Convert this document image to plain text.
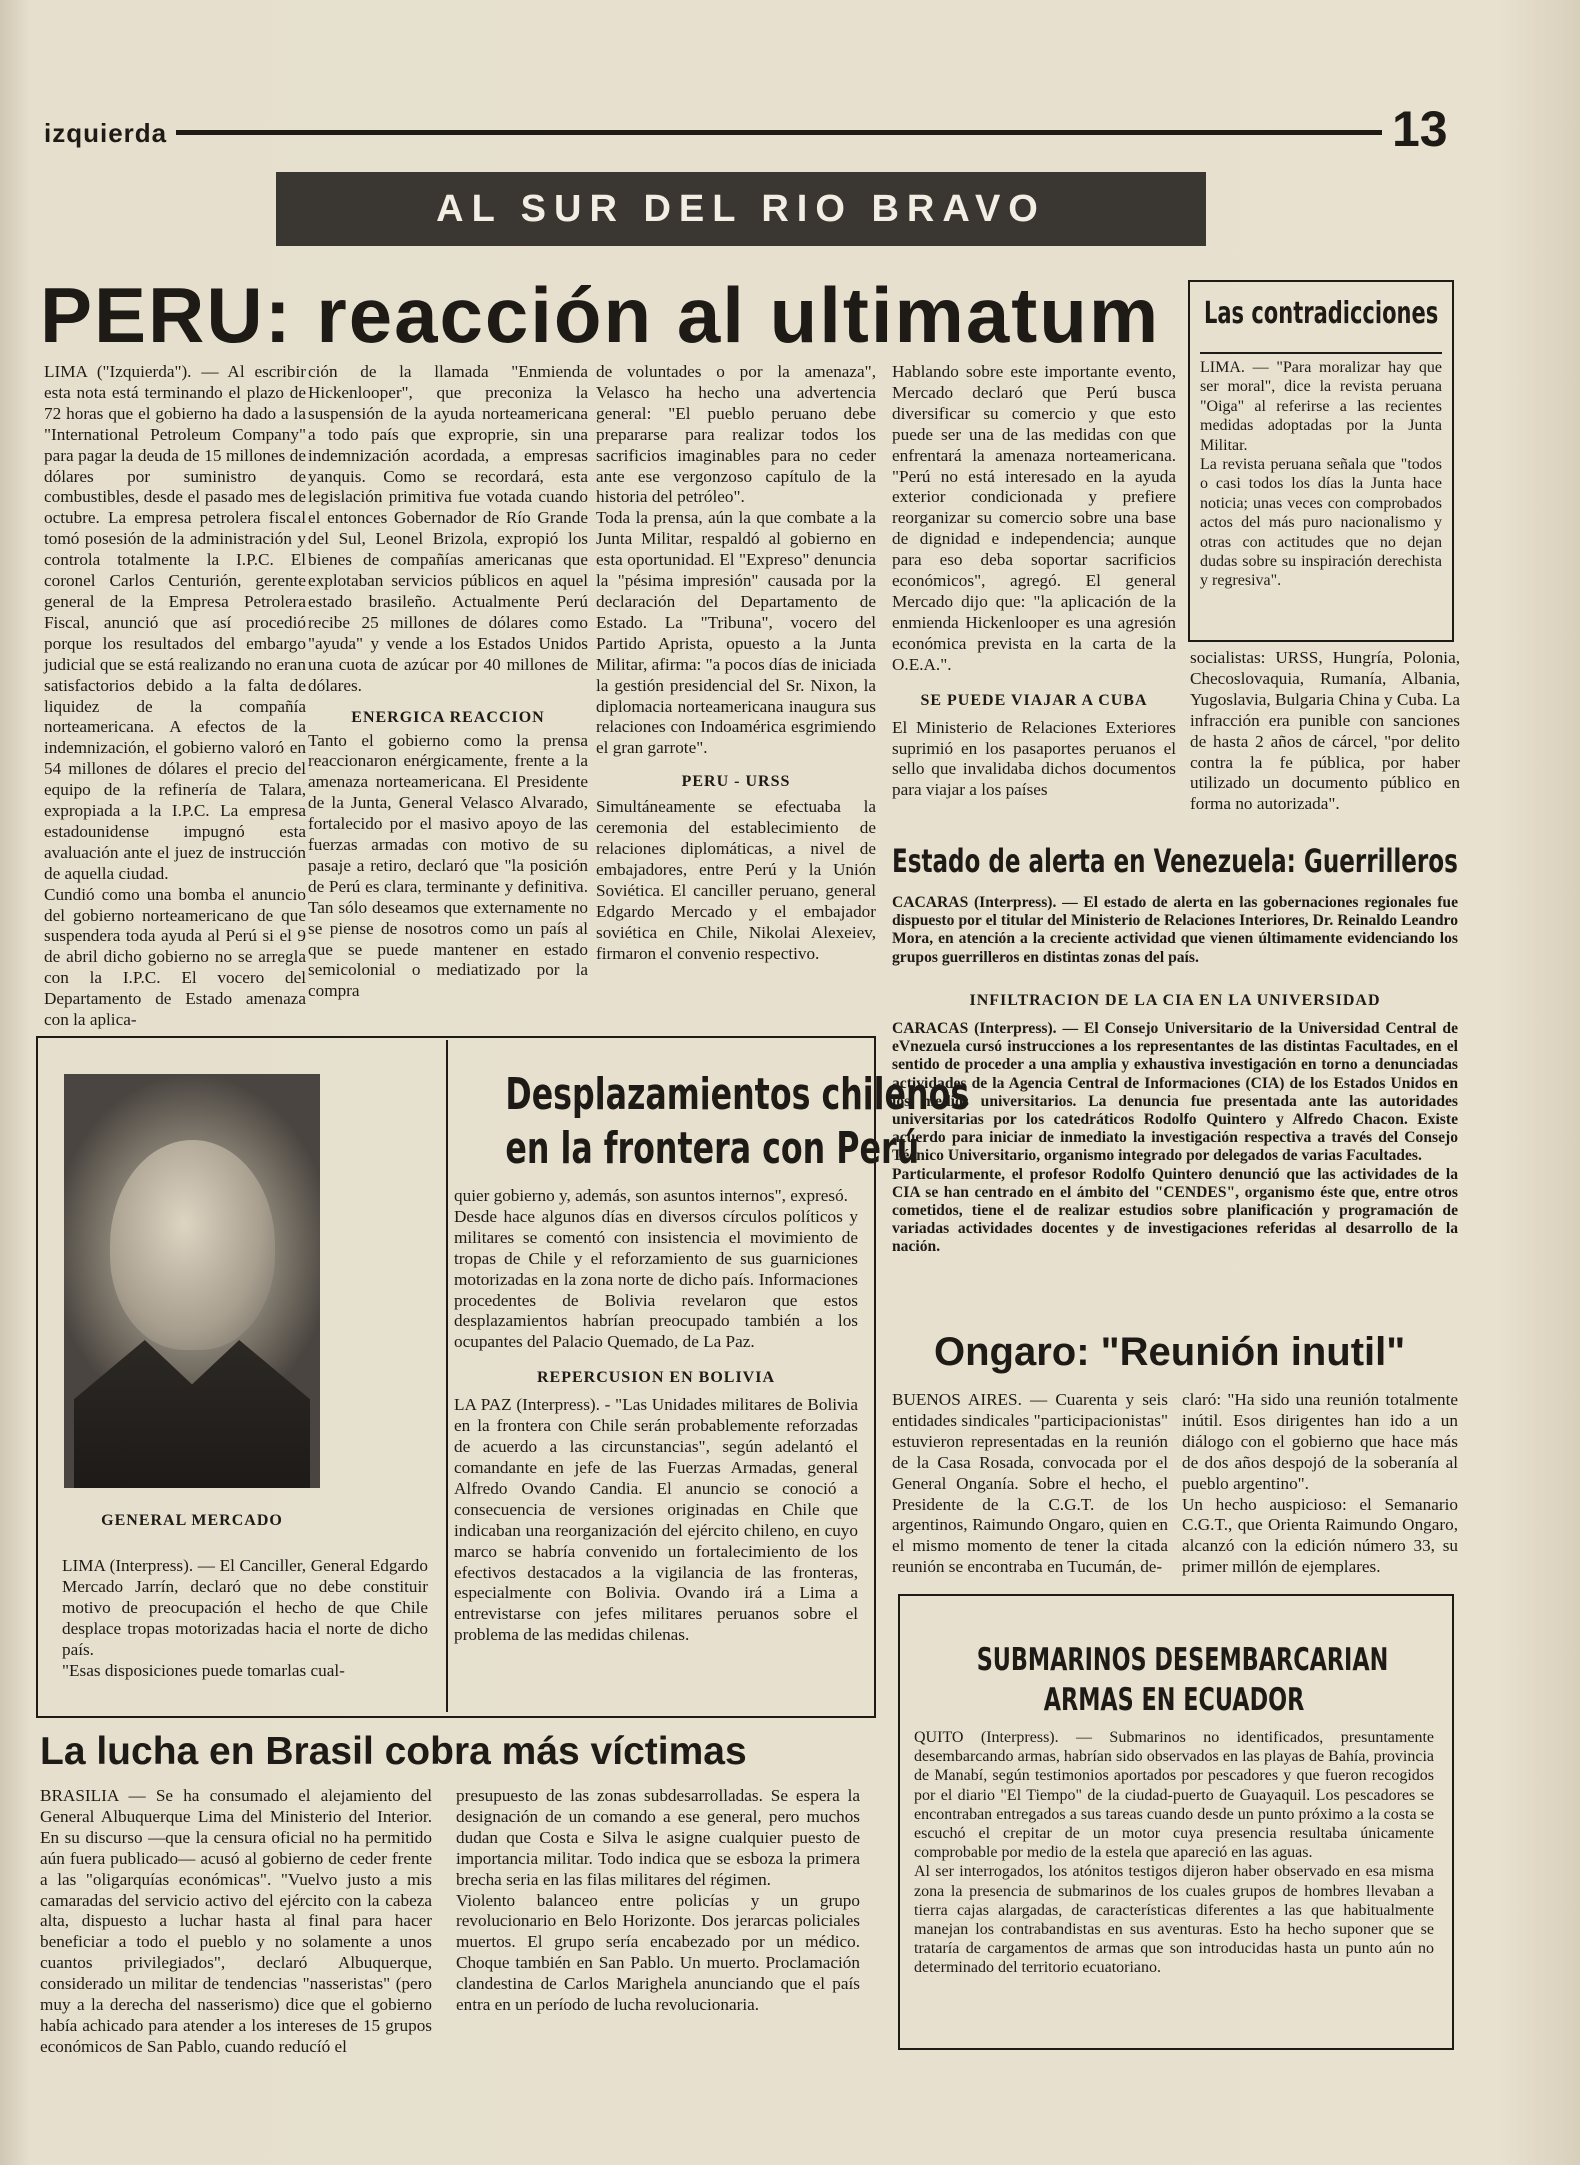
izquierda	13
AL SUR DEL RIO BRAVO
PERU: reacción al ultimatum

LIMA ("Izquierda"). — Al escribir esta nota está terminando el plazo de 72 horas que el gobierno ha dado a la "International Petroleum Company" para pagar la deuda de 15 millones de dólares por suministro de combustibles, desde el pasado mes de octubre. La empresa petrolera fiscal tomó posesión de la administración y controla totalmente la I.P.C. El coronel Carlos Centurión, gerente general de la Empresa Petrolera Fiscal, anunció que así procedió porque los resultados del embargo judicial que se está realizando no eran satisfactorios debido a la falta de liquidez de la compañía norteamericana. A efectos de la indemnización, el gobierno valoró en 54 millones de dólares el precio del equipo de la refinería de Talara, expropiada a la I.P.C. La empresa estadounidense impugnó esta avaluación ante el juez de instrucción de aquella ciudad.
Cundió como una bomba el anuncio del gobierno norteamericano de que suspendera toda ayuda al Perú si el 9 de abril dicho gobierno no se arregla con la I.P.C. El vocero del Departamento de Estado amenaza con la aplica-

ción de la llamada "Enmienda Hickenlooper", que preconiza la suspensión de la ayuda norteamericana a todo país que exproprie, sin una indemnización acordada, a empresas yanquis. Como se recordará, esta legislación primitiva fue votada cuando el entonces Gobernador de Río Grande del Sul, Leonel Brizola, expropió los bienes de compañías americanas que explotaban servicios públicos en aquel estado brasileño. Actualmente Perú recibe 25 millones de dólares como "ayuda" y vende a los Estados Unidos una cuota de azúcar por 40 millones de dólares.

ENERGICA REACCION

Tanto el gobierno como la prensa reaccionaron enérgicamente, frente a la amenaza norteamericana. El Presidente de la Junta, General Velasco Alvarado, fortalecido por el masivo apoyo de las fuerzas armadas con motivo de su pasaje a retiro, declaró que "la posición de Perú es clara, terminante y definitiva. Tan sólo deseamos que externamente no se piense de nosotros como un país al que se puede mantener en estado semicolonial o mediatizado por la compra

de voluntades o por la amenaza", Velasco ha hecho una advertencia general: "El pueblo peruano debe prepararse para realizar todos los sacrificios imaginables para no ceder ante ese vergonzoso capítulo de la historia del petróleo".
Toda la prensa, aún la que combate a la Junta Militar, respaldó al gobierno en esta oportunidad. El "Expreso" denuncia la "pésima impresión" causada por la declaración del Departamento de Estado. La "Tribuna", vocero del Partido Aprista, opuesto a la Junta Militar, afirma: "a pocos días de iniciada la gestión presidencial del Sr. Nixon, la diplomacia norteamericana inaugura sus relaciones con Indoamérica esgrimiendo el gran garrote".

PERU - URSS

Simultáneamente se efectuaba la ceremonia del establecimiento de relaciones diplomáticas, a nivel de embajadores, entre Perú y la Unión Soviética. El canciller peruano, general Edgardo Mercado y el embajador soviética en Chile, Nikolai Alexeiev, firmaron el convenio respectivo.

Hablando sobre este importante evento, Mercado declaró que Perú busca diversificar su comercio y que esto puede ser una de las medidas con que enfrentará la amenaza norteamericana. "Perú no está interesado en la ayuda exterior condicionada y prefiere reorganizar su comercio sobre una base de dignidad e independencia; aunque para eso deba soportar sacrificios económicos", agregó. El general Mercado dijo que: "la aplicación de la enmienda Hickenlooper es una agresión económica prevista en la carta de la O.E.A.".

SE PUEDE VIAJAR A CUBA

El Ministerio de Relaciones Exteriores suprimió en los pasaportes peruanos el sello que invalidaba dichos documentos para viajar a los países

Las contradicciones

LIMA. — "Para moralizar hay que ser moral", dice la revista peruana "Oiga" al referirse a las recientes medidas adoptadas por la Junta Militar.
La revista peruana señala que "todos o casi todos los días la Junta hace noticia; unas veces con comprobados actos del más puro nacionalismo y otras con actitudes que no dejan dudas sobre su inspiración derechista y regresiva".

socialistas: URSS, Hungría, Polonia, Checoslovaquia, Rumanía, Albania, Yugoslavia, Bulgaria China y Cuba. La infracción era punible con sanciones de hasta 2 años de cárcel, "por delito contra la fe pública, por haber utilizado un documento público en forma no autorizada".

Estado de alerta en Venezuela: Guerrilleros

CACARAS (Interpress). — El estado de alerta en las gobernaciones regionales fue dispuesto por el titular del Ministerio de Relaciones Interiores, Dr. Reinaldo Leandro Mora, en atención a la creciente actividad que vienen últimamente evidenciando los grupos guerrilleros en distintas zonas del país.

INFILTRACION DE LA CIA EN LA UNIVERSIDAD

CARACAS (Interpress). — El Consejo Universitario de la Universidad Central de eVnezuela cursó instrucciones a los representantes de las distintas Facultades, en el sentido de proceder a una amplia y exhaustiva investigación en torno a denunciadas actividades de la Agencia Central de Informaciones (CIA) de los Estados Unidos en los medios universitarios. La denuncia fue presentada ante las autoridades universitarias por los catedráticos Rodolfo Quintero y Alfredo Chacon. Existe acuerdo para iniciar de inmediato la investigación respectiva a través del Consejo Técnico Universitario, organismo integrado por delegados de varias Facultades.
Particularmente, el profesor Rodolfo Quintero denunció que las actividades de la CIA se han centrado en el ámbito del "CENDES", organismo éste que, entre otros cometidos, tiene el de realizar estudios sobre planificación y programación de variadas actividades docentes y de investigaciones referidas al desarrollo de la nación.

Desplazamientos chilenos
en la frontera con Perú
GENERAL MERCADO

LIMA (Interpress). — El Canciller, General Edgardo Mercado Jarrín, declaró que no debe constituir motivo de preocupación el hecho de que Chile desplace tropas motorizadas hacia el norte de dicho país.
"Esas disposiciones puede tomarlas cual-

quier gobierno y, además, son asuntos internos", expresó.
Desde hace algunos días en diversos círculos políticos y militares se comentó con insistencia el movimiento de tropas de Chile y el reforzamiento de sus guarniciones motorizadas en la zona norte de dicho país. Informaciones procedentes de Bolivia revelaron que estos desplazamientos habrían preocupado también a los ocupantes del Palacio Quemado, de La Paz.

REPERCUSION EN BOLIVIA

LA PAZ (Interpress). - "Las Unidades militares de Bolivia en la frontera con Chile serán probablemente reforzadas de acuerdo a las circunstancias", según adelantó el comandante en jefe de las Fuerzas Armadas, general Alfredo Ovando Candia. El anuncio se conoció a consecuencia de versiones originadas en Chile que indicaban una reorganización del ejército chileno, en cuyo marco se habría convenido un fortalecimiento de los efectivos destacados a la vigilancia de las fronteras, especialmente con Bolivia. Ovando irá a Lima a entrevistarse con jefes militares peruanos sobre el problema de las medidas chilenas.

Ongaro: "Reunión inutil"

BUENOS AIRES. — Cuarenta y seis entidades sindicales "participacionistas" estuvieron representadas en la reunión de la Casa Rosada, convocada por el General Onganía. Sobre el hecho, el Presidente de la C.G.T. de los argentinos, Raimundo Ongaro, quien en el mismo momento de tener la citada reunión se encontraba en Tucumán, de-

claró: "Ha sido una reunión totalmente inútil. Esos dirigentes han ido a un diálogo con el gobierno que hace más de dos años despojó de la soberanía al pueblo argentino".
Un hecho auspicioso: el Semanario C.G.T., que Orienta Raimundo Ongaro, alcanzó con la edición número 33, su primer millón de ejemplares.

La lucha en Brasil cobra más víctimas

BRASILIA — Se ha consumado el alejamiento del General Albuquerque Lima del Ministerio del Interior. En su discurso —que la censura oficial no ha permitido aún fuera publicado— acusó al gobierno de ceder frente a las "oligarquías económicas". "Vuelvo justo a mis camaradas del servicio activo del ejército con la cabeza alta, dispuesto a luchar hasta al final para hacer beneficiar a todo el pueblo y no solamente a unos cuantos privilegiados", declaró Albuquerque, considerado un militar de tendencias "nasseristas" (pero muy a la derecha del nasserismo) dice que el gobierno había achicado para atender a los intereses de 15 grupos económicos de San Pablo, cuando reducíó el

presupuesto de las zonas subdesarrolladas. Se espera la designación de un comando a ese general, pero muchos dudan que Costa e Silva le asigne cualquier puesto de importancia militar. Todo indica que se esboza la primera brecha seria en las filas militares del régimen.
Violento balanceo entre policías y un grupo revolucionario en Belo Horizonte. Dos jerarcas policiales muertos. El grupo sería encabezado por un médico. Choque también en San Pablo. Un muerto. Proclamación clandestina de Carlos Marighela anunciando que el país entra en un período de lucha revolucionaria.

SUBMARINOS DESEMBARCARIAN
ARMAS EN ECUADOR

QUITO (Interpress). — Submarinos no identificados, presuntamente desembarcando armas, habrían sido observados en las playas de Bahía, provincia de Manabí, según testimonios aportados por pescadores y que fueron recogidos por el diario "El Tiempo" de la ciudad-puerto de Guayaquil. Los pescadores se encontraban entregados a sus tareas cuando desde un punto próximo a la costa se escuchó el crepitar de un motor cuya presencia resultaba únicamente comprobable por medio de la estela que apareció en las aguas.
Al ser interrogados, los atónitos testigos dijeron haber observado en esa misma zona la presencia de submarinos de los cuales grupos de hombres llevaban a tierra cajas alargadas, de características diferentes a las que habitualmente manejan los contrabandistas en sus aventuras. Esto ha hecho suponer que se trataría de cargamentos de armas que son introducidas hasta un punto aún no determinado del territorio ecuatoriano.
